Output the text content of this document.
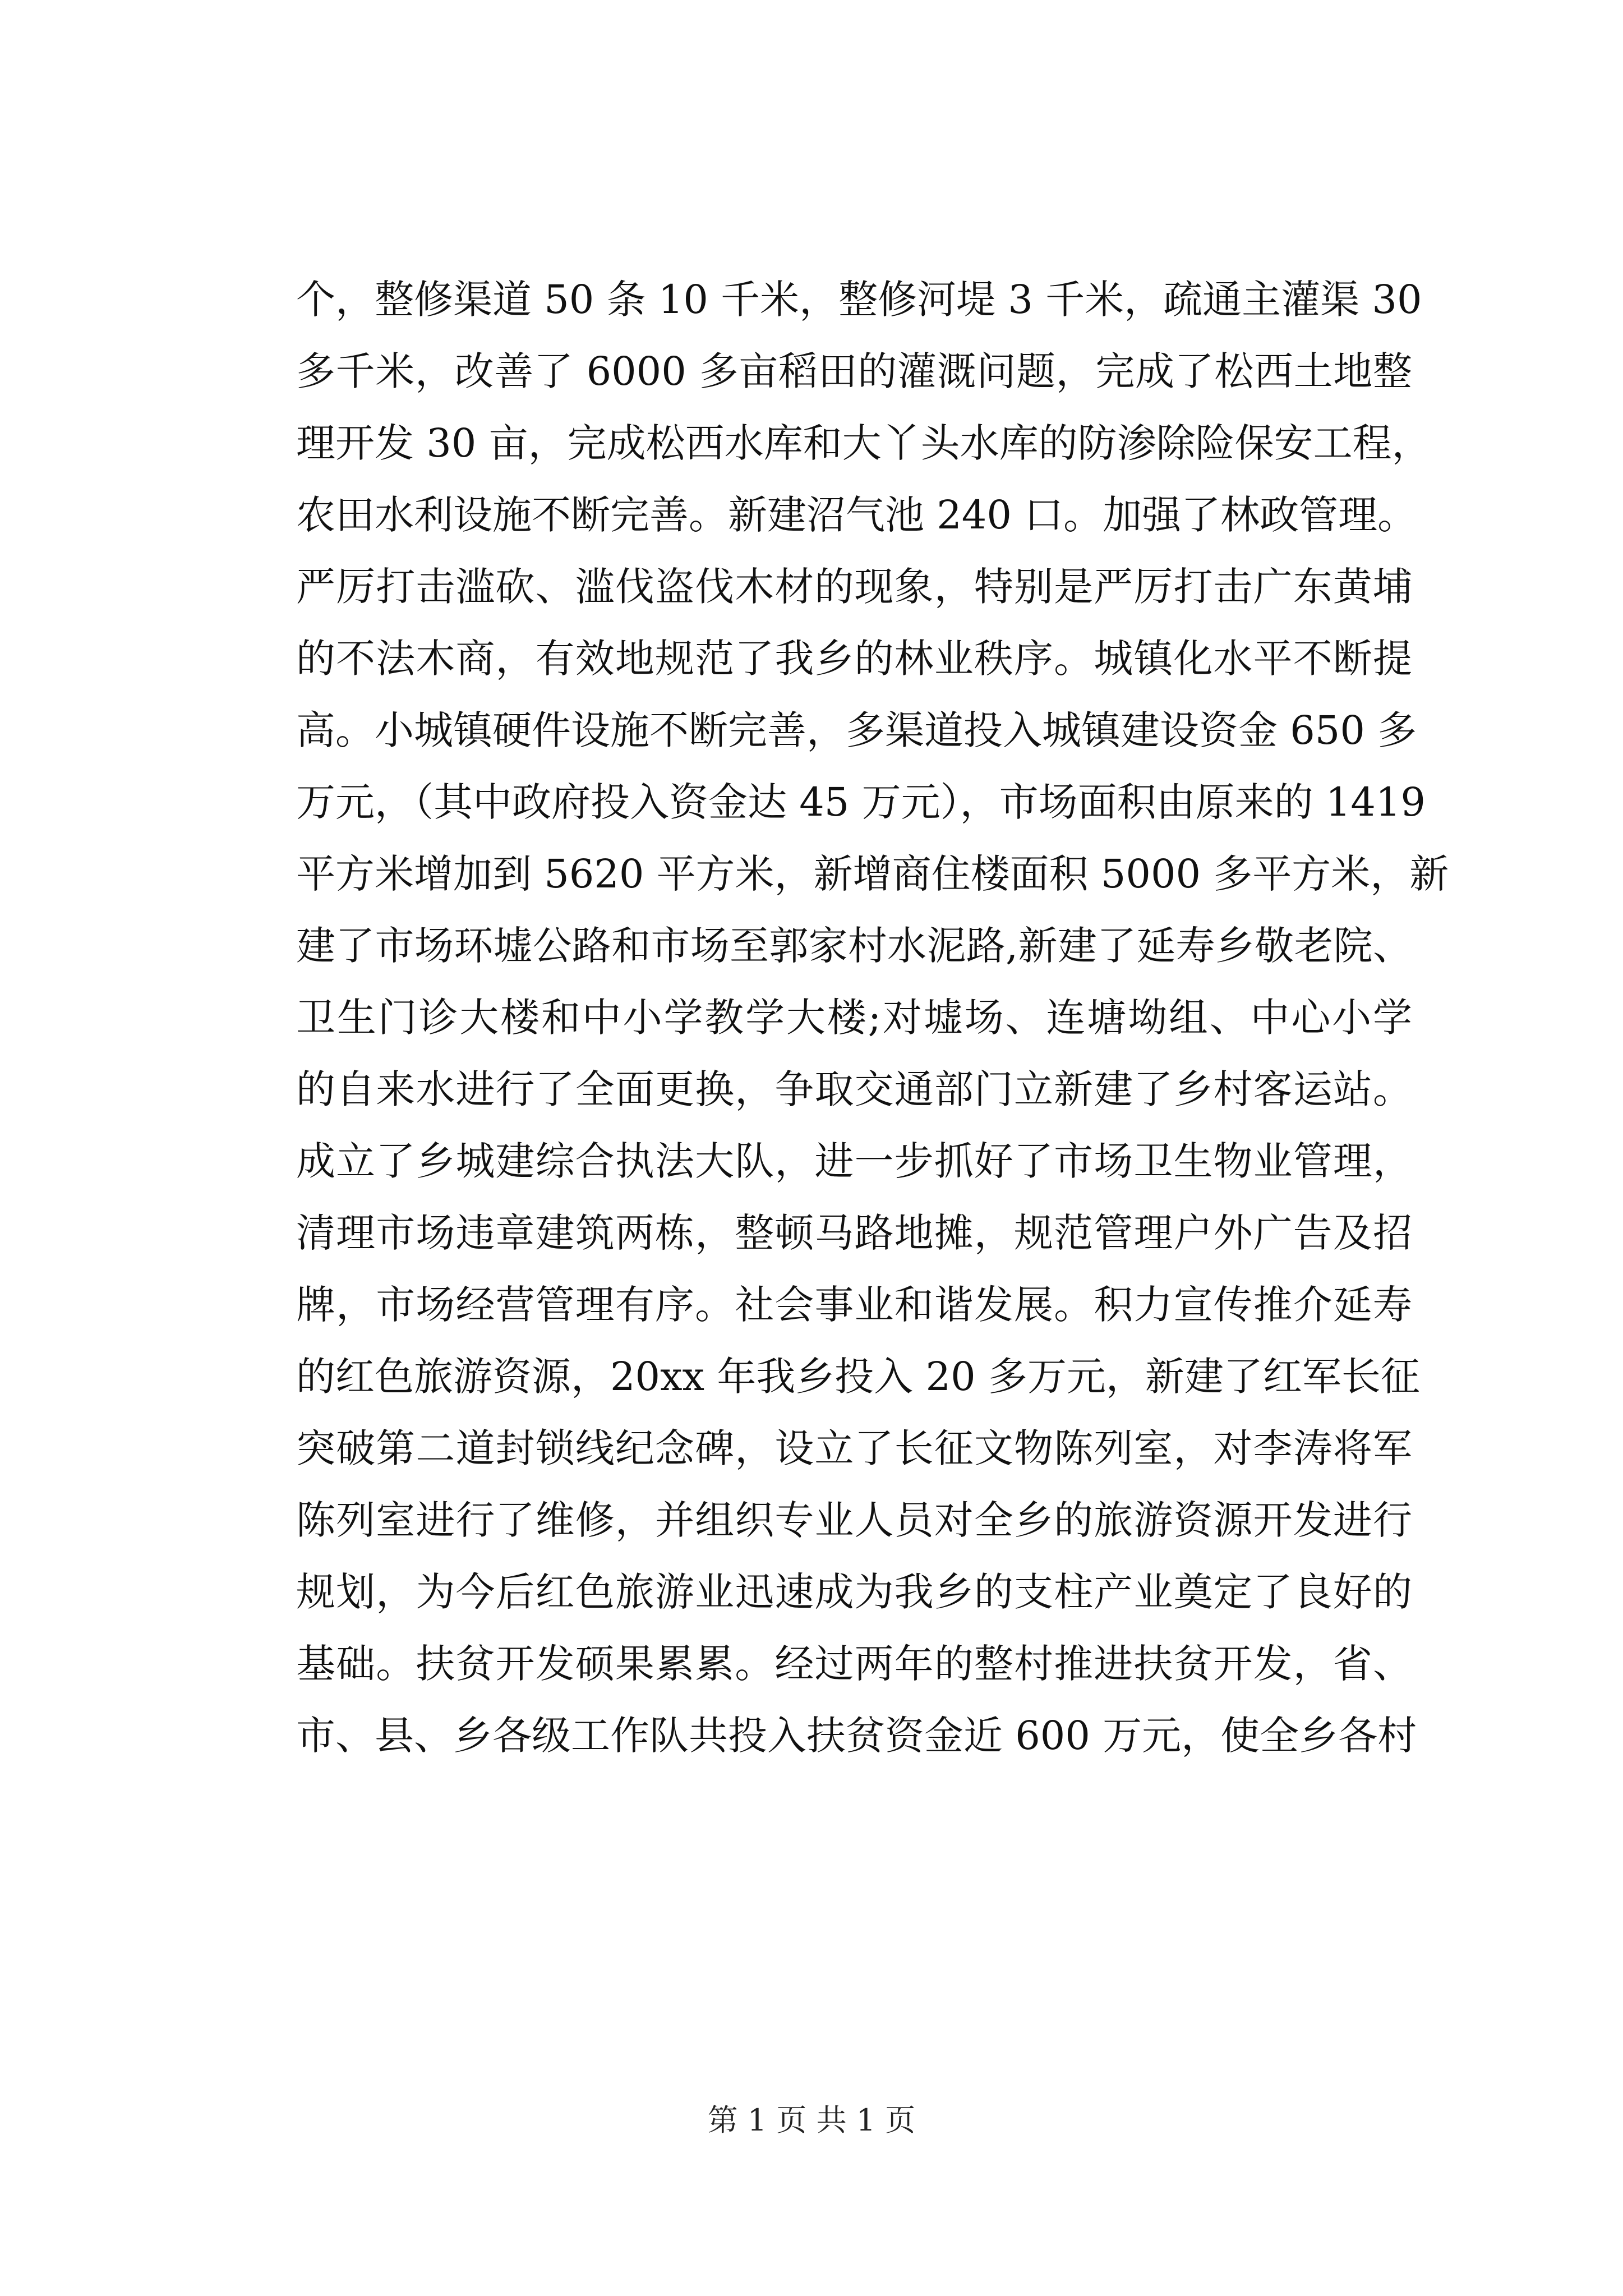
个，整修渠道 50 条 10 千米，整修河堤 3 千米，疏通主灌渠 30
多千米，改善了 6000 多亩稻田的灌溉问题，完成了松西土地整
理开发 30 亩，完成松西水库和大丫头水库的防渗除险保安工程，
农田水利设施不断完善。新建沼气池 240 口。加强了林政管理。
严厉打击滥砍、滥伐盗伐木材的现象，特别是严厉打击广东黄埔
的不法木商，有效地规范了我乡的林业秩序。城镇化水平不断提
高。小城镇硬件设施不断完善，多渠道投入城镇建设资金 650 多
万元，（其中政府投入资金达 45 万元），市场面积由原来的 1419
平方米增加到 5620 平方米，新增商住楼面积 5000 多平方米，新
建了市场环墟公路和市场至郭家村水泥路,新建了延寿乡敬老院、
卫生门诊大楼和中小学教学大楼;对墟场、连塘坳组、中心小学
的自来水进行了全面更换，争取交通部门立新建了乡村客运站。
成立了乡城建综合执法大队，进一步抓好了市场卫生物业管理，
清理市场违章建筑两栋，整顿马路地摊，规范管理户外广告及招
牌，市场经营管理有序。社会事业和谐发展。积力宣传推介延寿
的红色旅游资源，20xx 年我乡投入 20 多万元，新建了红军长征
突破第二道封锁线纪念碑，设立了长征文物陈列室，对李涛将军
陈列室进行了维修，并组织专业人员对全乡的旅游资源开发进行
规划，为今后红色旅游业迅速成为我乡的支柱产业奠定了良好的
基础。扶贫开发硕果累累。经过两年的整村推进扶贫开发，省、
市、县、乡各级工作队共投入扶贫资金近 600 万元，使全乡各村
第 1 页 共 1 页
